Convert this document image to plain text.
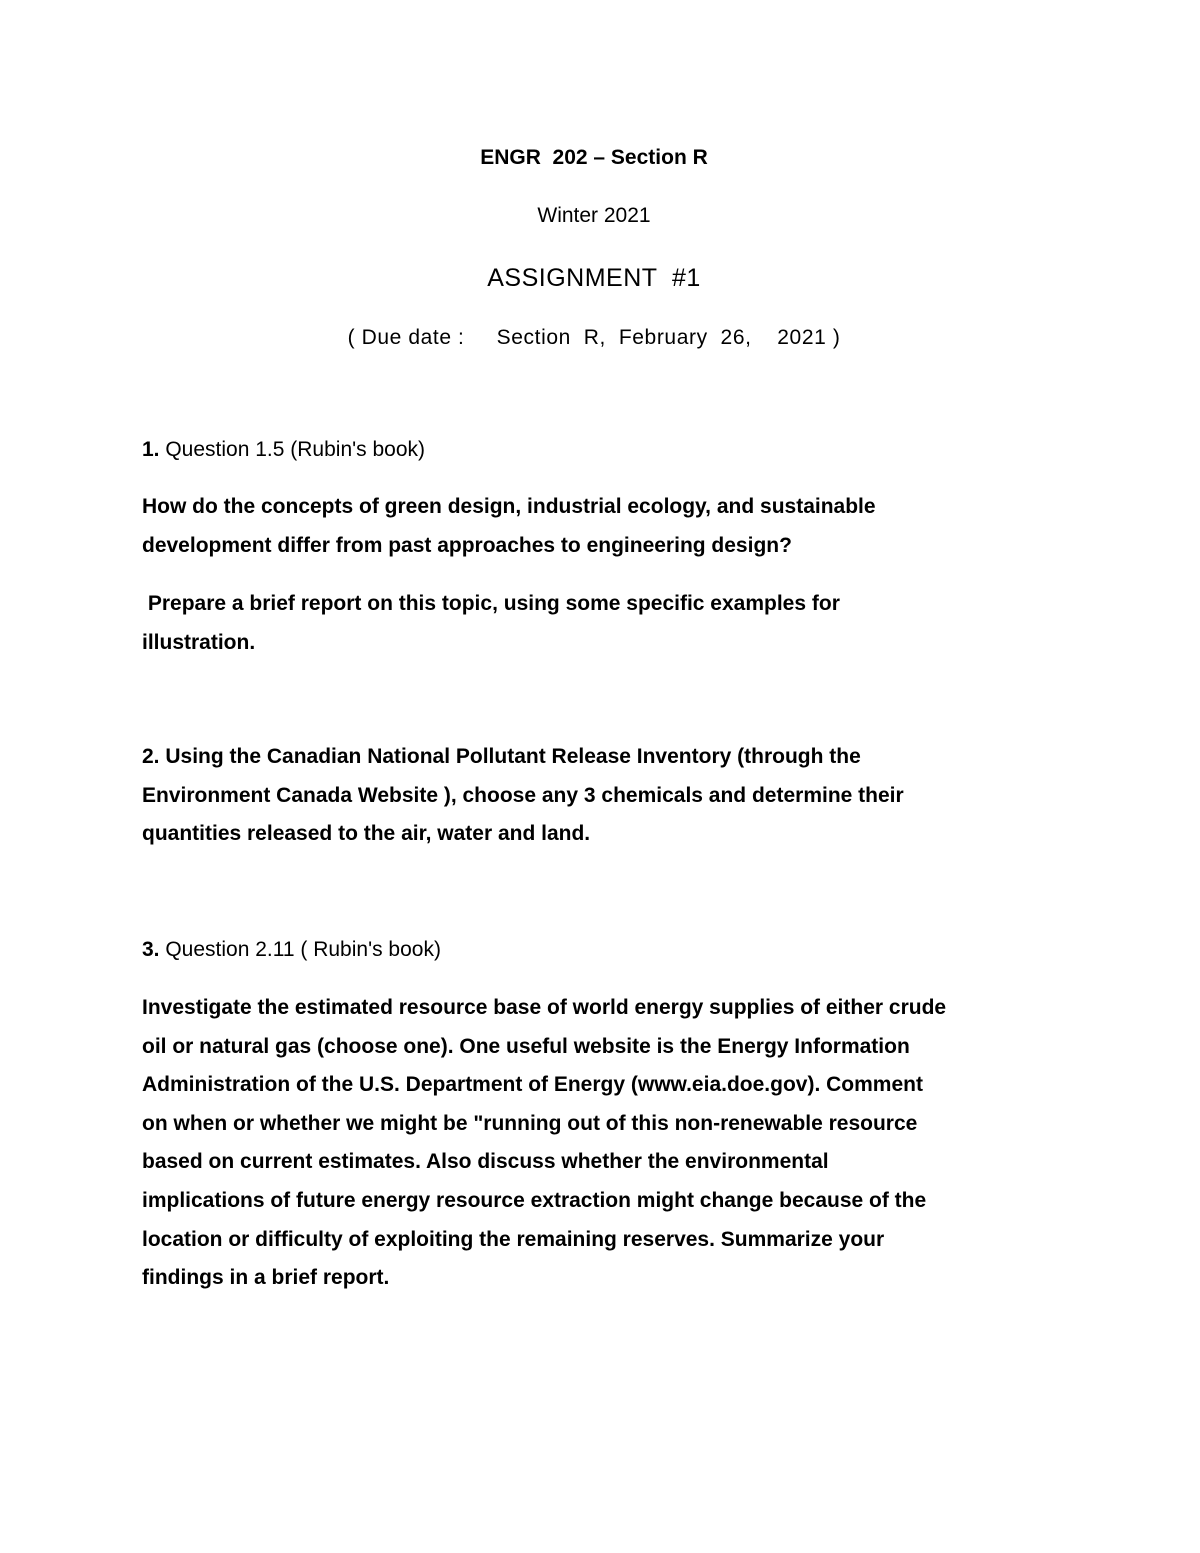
ENGR  202 – Section R
Winter 2021
ASSIGNMENT  #1
( Due date :     Section  R,  February  26,    2021 )
1. Question 1.5 (Rubin's book)
How do the concepts of green design, industrial ecology, and sustainable
development differ from past approaches to engineering design?
Prepare a brief report on this topic, using some specific examples for
illustration.
2. Using the Canadian National Pollutant Release Inventory (through the
Environment Canada Website ), choose any 3 chemicals and determine their
quantities released to the air, water and land.
3. Question 2.11 ( Rubin's book)
Investigate the estimated resource base of world energy supplies of either crude
oil or natural gas (choose one). One useful website is the Energy Information
Administration of the U.S. Department of Energy (www.eia.doe.gov). Comment
on when or whether we might be "running out of this non-renewable resource
based on current estimates. Also discuss whether the environmental
implications of future energy resource extraction might change because of the
location or difficulty of exploiting the remaining reserves. Summarize your
findings in a brief report.
